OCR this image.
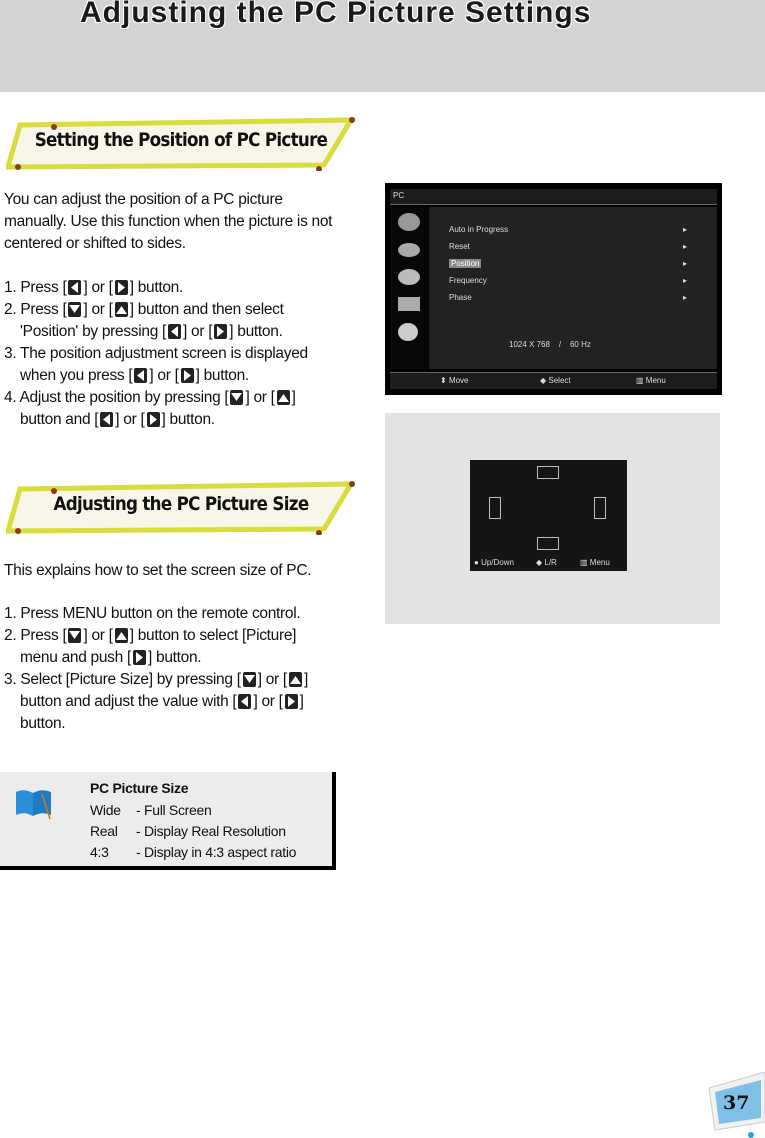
Adjusting the PC Picture Settings
Setting the Position of PC Picture
You can adjust the position of a PC picture manually. Use this function when the picture is not centered or shifted to sides.
1. Press [ ] or [ ] button.
2. Press [ ] or [ ] button and then select 'Position' by pressing [ ] or [ ] button.
3. The position adjustment screen is displayed when you press [ ] or [ ] button.
4. Adjust the position by pressing [ ] or [ ] button and [ ] or [ ] button.
Adjusting the PC Picture Size
This explains how to set the screen size of PC.
1. Press MENU button on the remote control.
2. Press [ ] or [ ] button to select [Picture] menu and push [ ] button.
3. Select [Picture Size] by pressing [ ] or [ ] button and adjust the value with [ ] or [ ] button.
PC
Auto in Progress	▸
Reset	▸
Position	▸
Frequency	▸
Phase	▸
1024 X 768 / 60 Hz
⬍ Move	◆ Select	▥ Menu
● Up/Down	◆ L/R	▥ Menu
PC Picture Size
Wide - Full Screen
Real - Display Real Resolution
4:3 - Display in 4:3 aspect ratio
37
